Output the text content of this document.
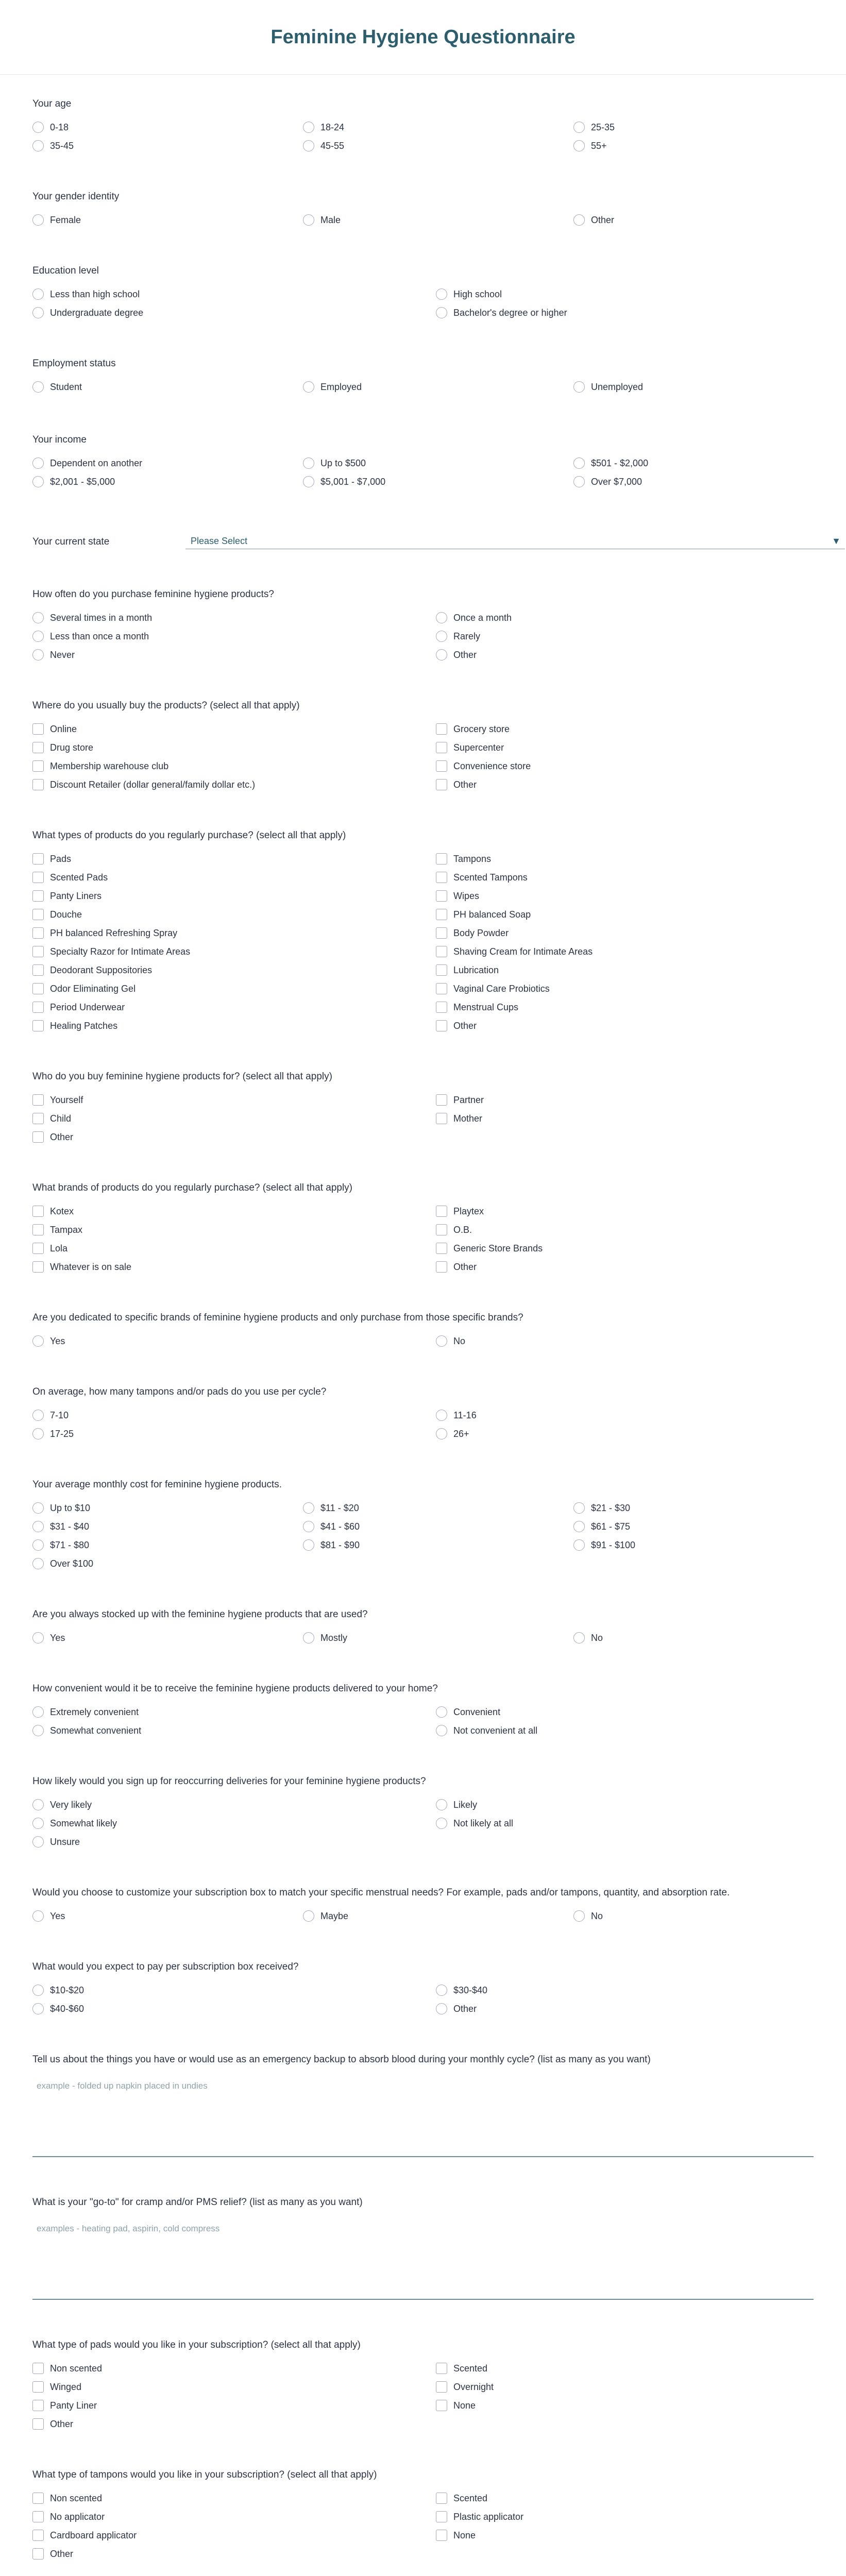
Feminine Hygiene Questionnaire
Your age
0-18	18-24	25-35
35-45	45-55	55+
Your gender identity
Female	Male	Other
Education level
Less than high school	High school
Undergraduate degree	Bachelor's degree or higher
Employment status
Student	Employed	Unemployed
Your income
Dependent on another	Up to $500	$501 - $2,000
$2,001 - $5,000	$5,001 - $7,000	Over $7,000
Your current state	Please Select	▼
How often do you purchase feminine hygiene products?
Several times in a month	Once a month
Less than once a month	Rarely
Never	Other
Where do you usually buy the products? (select all that apply)
Online	Grocery store
Drug store	Supercenter
Membership warehouse club	Convenience store
Discount Retailer (dollar general/family dollar etc.)	Other
What types of products do you regularly purchase? (select all that apply)
Pads	Tampons
Scented Pads	Scented Tampons
Panty Liners	Wipes
Douche	PH balanced Soap
PH balanced Refreshing Spray	Body Powder
Specialty Razor for Intimate Areas	Shaving Cream for Intimate Areas
Deodorant Suppositories	Lubrication
Odor Eliminating Gel	Vaginal Care Probiotics
Period Underwear	Menstrual Cups
Healing Patches	Other
Who do you buy feminine hygiene products for? (select all that apply)
Yourself	Partner
Child	Mother
Other
What brands of products do you regularly purchase? (select all that apply)
Kotex	Playtex
Tampax	O.B.
Lola	Generic Store Brands
Whatever is on sale	Other
Are you dedicated to specific brands of feminine hygiene products and only purchase from those specific brands?
Yes	No
On average, how many tampons and/or pads do you use per cycle?
7-10	11-16
17-25	26+
Your average monthly cost for feminine hygiene products.
Up to $10	$11 - $20	$21 - $30
$31 - $40	$41 - $60	$61 - $75
$71 - $80	$81 - $90	$91 - $100
Over $100
Are you always stocked up with the feminine hygiene products that are used?
Yes	Mostly	No
How convenient would it be to receive the feminine hygiene products delivered to your home?
Extremely convenient	Convenient
Somewhat convenient	Not convenient at all
How likely would you sign up for reoccurring deliveries for your feminine hygiene products?
Very likely	Likely
Somewhat likely	Not likely at all
Unsure
Would you choose to customize your subscription box to match your specific menstrual needs? For example, pads and/or tampons, quantity, and absorption rate.
Yes	Maybe	No
What would you expect to pay per subscription box received?
$10-$20	$30-$40
$40-$60	Other
Tell us about the things you have or would use as an emergency backup to absorb blood during your monthly cycle? (list as many as you want)
example - folded up napkin placed in undies
What is your "go-to" for cramp and/or PMS relief? (list as many as you want)
examples - heating pad, aspirin, cold compress
What type of pads would you like in your subscription? (select all that apply)
Non scented	Scented
Winged	Overnight
Panty Liner	None
Other
What type of tampons would you like in your subscription? (select all that apply)
Non scented	Scented
No applicator	Plastic applicator
Cardboard applicator	None
Other
